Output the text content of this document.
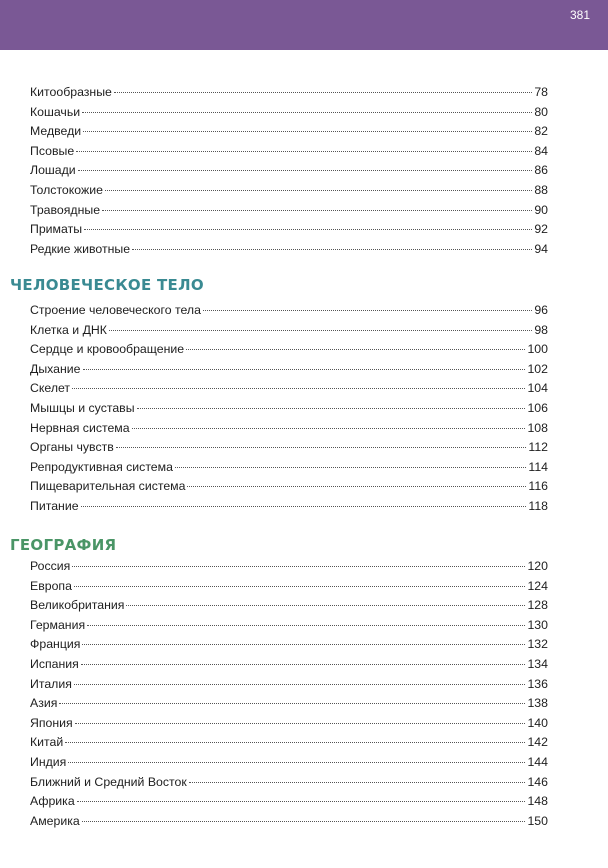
381
Китообразные	78
Кошачьи	80
Медведи	82
Псовые	84
Лошади	86
Толстокожие	88
Травоядные	90
Приматы	92
Редкие животные	94
ЧЕЛОВЕЧЕСКОЕ ТЕЛО
Строение человеческого тела	96
Клетка и ДНК	98
Сердце и кровообращение	100
Дыхание	102
Скелет	104
Мышцы и суставы	106
Нервная система	108
Органы чувств	112
Репродуктивная система	114
Пищеварительная система	116
Питание	118
ГЕОГРАФИЯ
Россия	120
Европа	124
Великобритания	128
Германия	130
Франция	132
Испания	134
Италия	136
Азия	138
Япония	140
Китай	142
Индия	144
Ближний и Средний Восток	146
Африка	148
Америка	150
